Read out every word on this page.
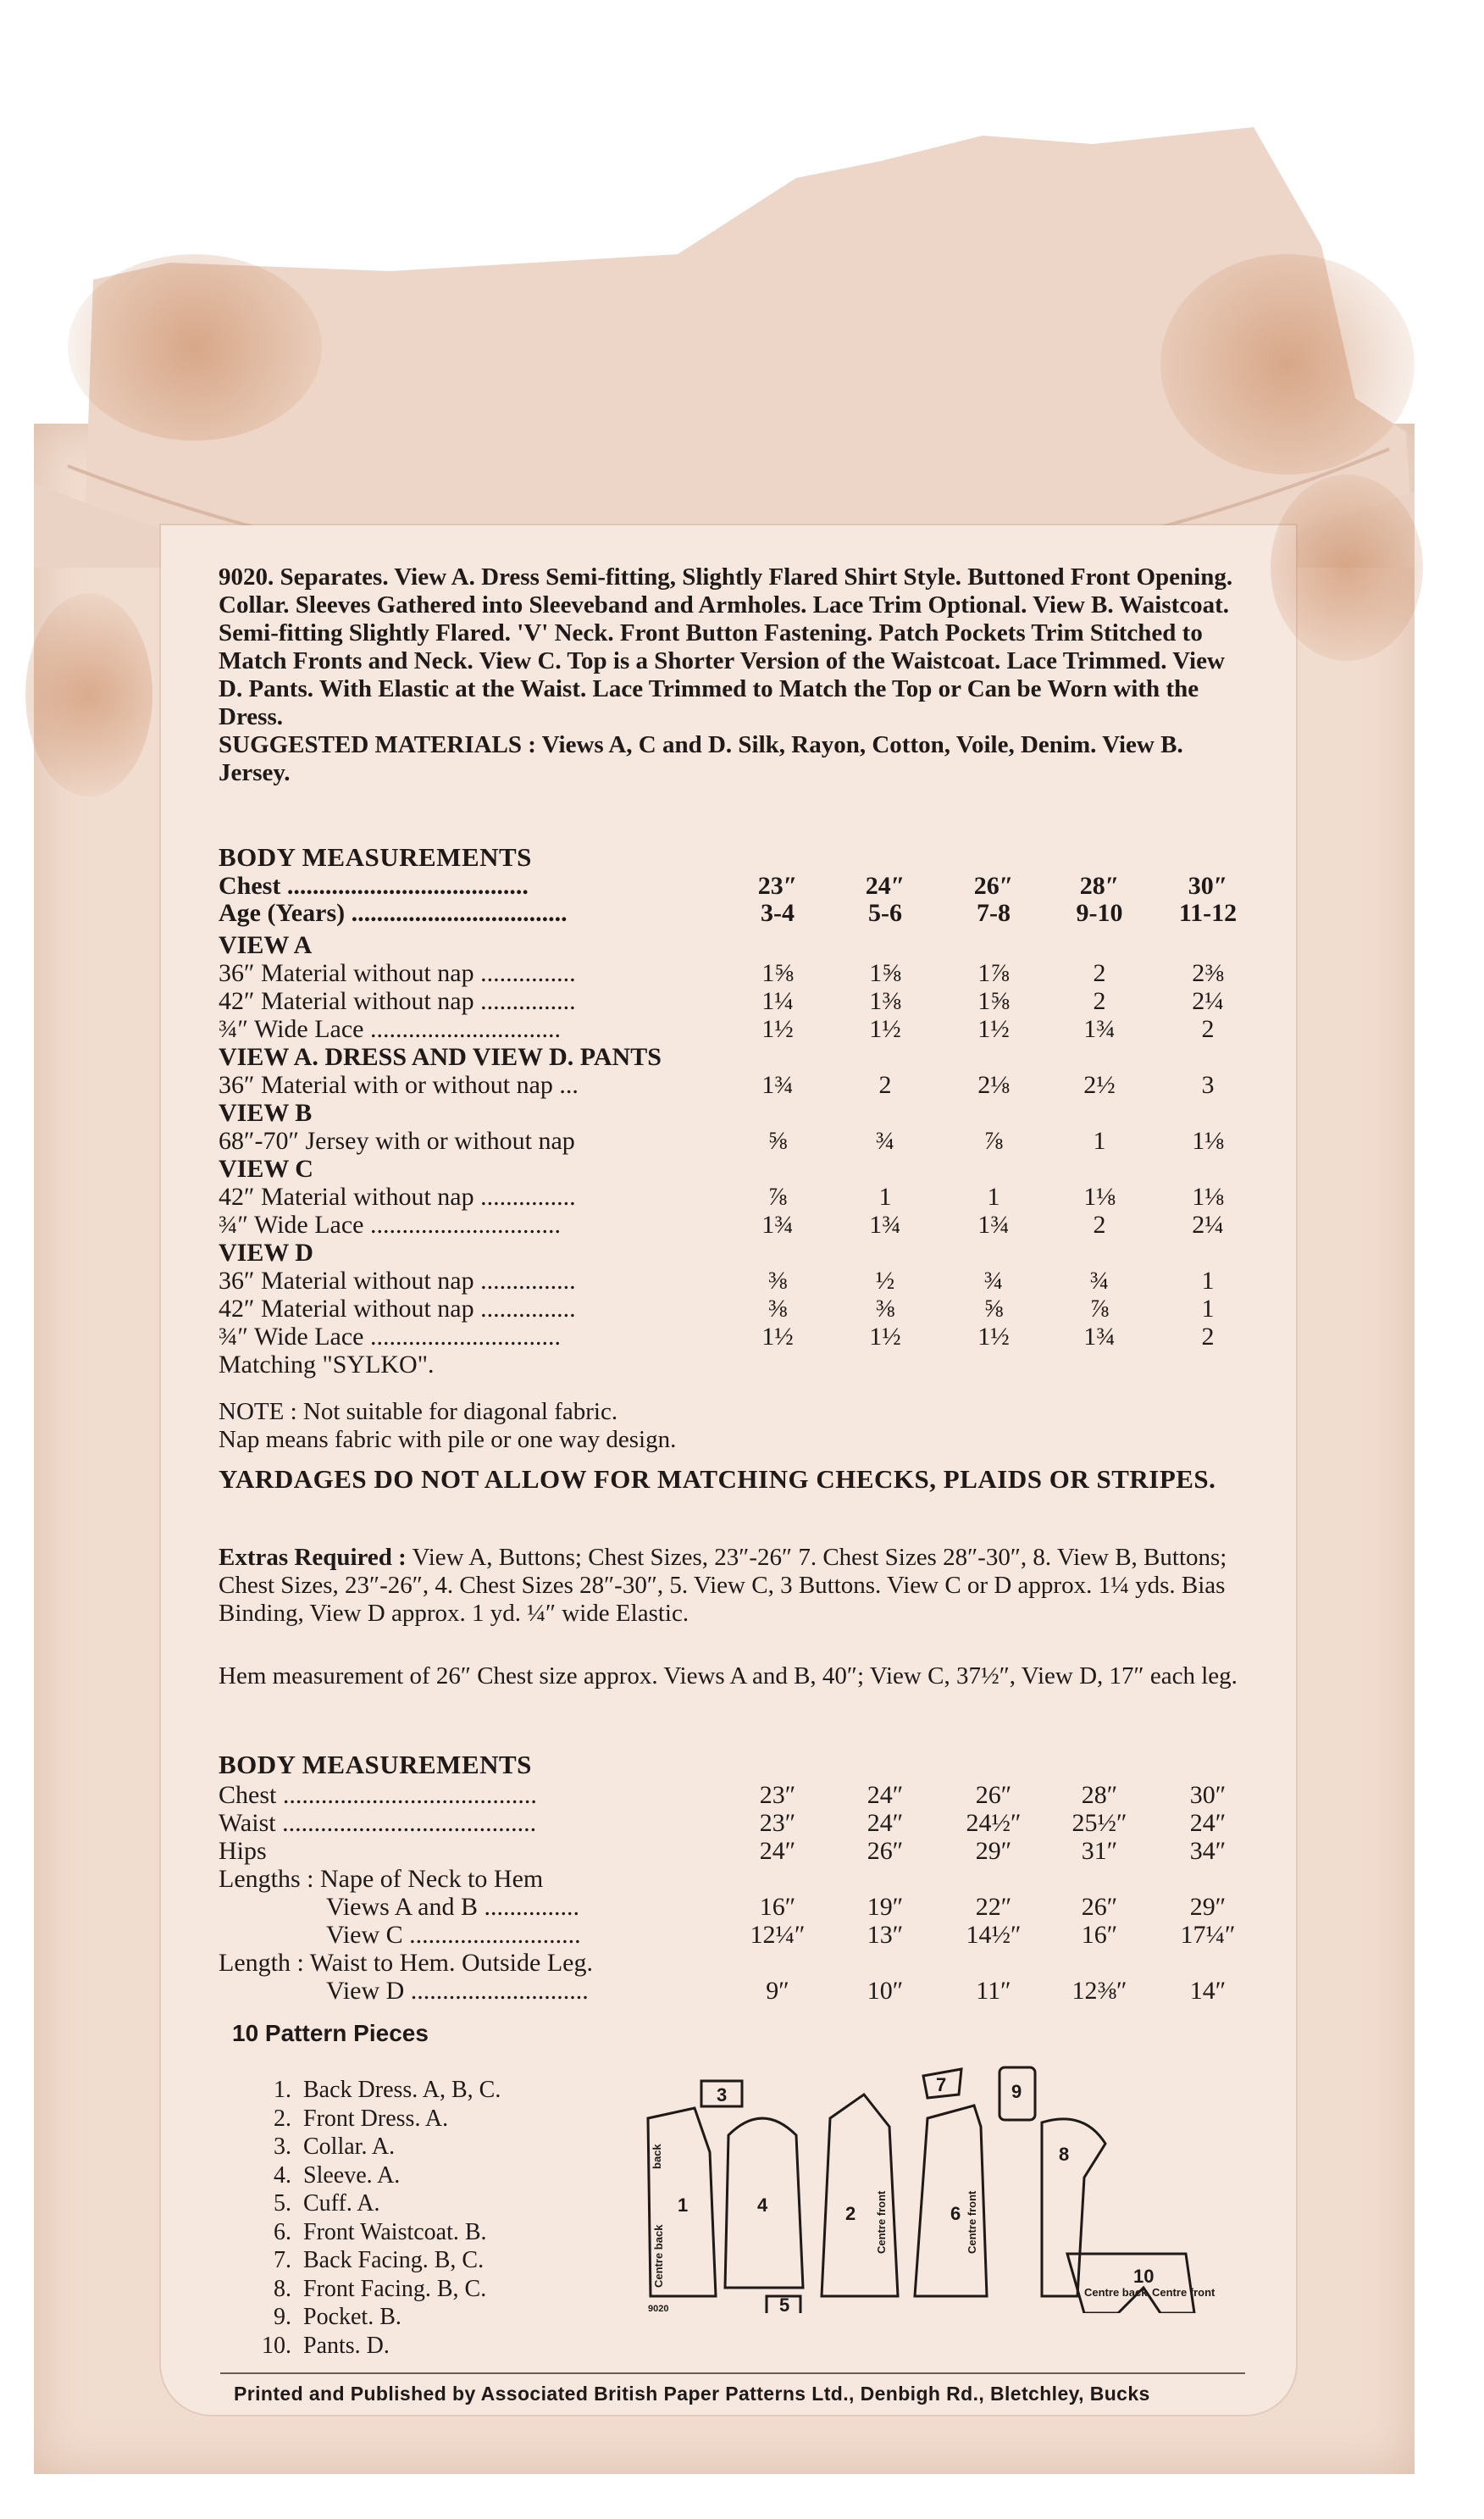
9020. Separates. View A. Dress Semi-fitting, Slightly Flared Shirt Style. Buttoned Front Opening. Collar. Sleeves Gathered into Sleeveband and Armholes. Lace Trim Optional. View B. Waistcoat. Semi-fitting Slightly Flared. 'V' Neck. Front Button Fastening. Patch Pockets Trim Stitched to Match Fronts and Neck. View C. Top is a Shorter Version of the Waistcoat. Lace Trimmed. View D. Pants. With Elastic at the Waist. Lace Trimmed to Match the Top or Can be Worn with the Dress.

SUGGESTED MATERIALS : Views A, C and D. Silk, Rayon, Cotton, Voile, Denim. View B. Jersey.

BODY MEASUREMENTS
Chest ......................................	23″	24″	26″	28″	30″
Age (Years) ..................................	3-4	5-6	7-8	9-10	11-12
VIEW A
36″ Material without nap ...............	1⅝	1⅝	1⅞	2	2⅜
42″ Material without nap ...............	1¼	1⅜	1⅝	2	2¼
¾″ Wide Lace ..............................	1½	1½	1½	1¾	2
VIEW A. DRESS AND VIEW D. PANTS
36″ Material with or without nap ...	1¾	2	2⅛	2½	3
VIEW B
68″-70″ Jersey with or without nap	⅝	¾	⅞	1	1⅛
VIEW C
42″ Material without nap ...............	⅞	1	1	1⅛	1⅛
¾″ Wide Lace ..............................	1¾	1¾	1¾	2	2¼
VIEW D
36″ Material without nap ...............	⅜	½	¾	¾	1
42″ Material without nap ...............	⅜	⅜	⅝	⅞	1
¾″ Wide Lace ..............................	1½	1½	1½	1¾	2
Matching "SYLKO".
NOTE : Not suitable for diagonal fabric.
Nap means fabric with pile or one way design.
YARDAGES DO NOT ALLOW FOR MATCHING CHECKS, PLAIDS OR STRIPES.
Extras Required : View A, Buttons; Chest Sizes, 23″-26″ 7. Chest Sizes 28″-30″, 8. View B, Buttons; Chest Sizes, 23″-26″, 4. Chest Sizes 28″-30″, 5. View C, 3 Buttons. View C or D approx. 1¼ yds. Bias Binding, View D approx. 1 yd. ¼″ wide Elastic.
Hem measurement of 26″ Chest size approx. Views A and B, 40″; View C, 37½″, View D, 17″ each leg.
BODY MEASUREMENTS
Chest ........................................	23″	24″	26″	28″	30″
Waist ........................................	23″	24″	24½″	25½″	24″
Hips	24″	26″	29″	31″	34″
Lengths : Nape of Neck to Hem
Views A and B ...............	16″	19″	22″	26″	29″
View C ...........................	12¼″	13″	14½″	16″	17¼″
Length : Waist to Hem. Outside Leg.
View D ............................	9″	10″	11″	12⅜″	14″
10 Pattern Pieces
1. Back Dress. A, B, C.
2. Front Dress. A.
3. Collar. A.
4. Sleeve. A.
5. Cuff. A.
6. Front Waistcoat. B.
7. Back Facing. B, C.
8. Front Facing. B, C.
9. Pocket. B.
10. Pants. D.
1	2
3
4
5
6
7
8
9
10
back
Centre back
Centre front	Centre front
Centre back Centre front
9020
Printed and Published by Associated British Paper Patterns Ltd., Denbigh Rd., Bletchley, Bucks
